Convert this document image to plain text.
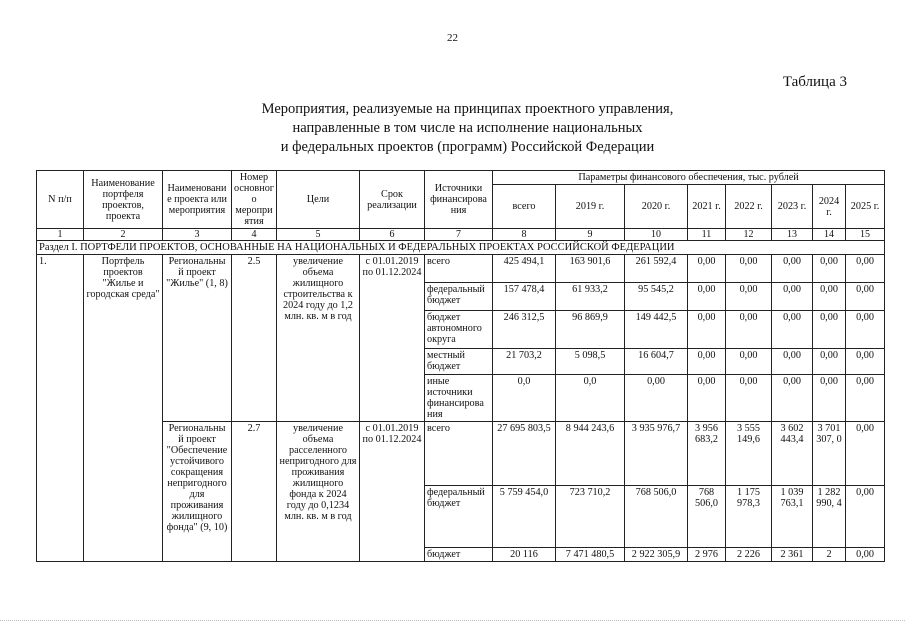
22
Таблица 3
Мероприятия, реализуемые на принципах проектного управления,
направленные в том числе на исполнение национальных
и федеральных проектов (программ) Российской Федерации
N п/п	Наименование портфеля проектов, проекта	Наименовани е проекта или мероприятия	Номер основног о меропри ятия	Цели	Срок реализации	Источники финансирова ния	Параметры финансового обеспечения, тыс. рублей							
							всего	2019 г.	2020 г.	2021 г.	2022 г.	2023 г.	2024 г.	2025 г.
1	2	3	4	5	6	7	8	9	10	11	12	13	14	15
Раздел I. ПОРТФЕЛИ ПРОЕКТОВ, ОСНОВАННЫЕ НА НАЦИОНАЛЬНЫХ И ФЕДЕРАЛЬНЫХ ПРОЕКТАХ РОССИЙСКОЙ ФЕДЕРАЦИИ														
1.	Портфель проектов "Жилье и городская среда"	Региональны й проект "Жилье" (1, 8)	2.5	увеличение объема жилищного строительства к 2024 году до 1,2 млн. кв. м в год	с 01.01.2019 по 01.12.2024	всего	425 494,1	163 901,6	261 592,4	0,00	0,00	0,00	0,00	0,00
						федеральный бюджет	157 478,4	61 933,2	95 545,2	0,00	0,00	0,00	0,00	0,00
						бюджет автономного округа	246 312,5	96 869,9	149 442,5	0,00	0,00	0,00	0,00	0,00
						местный бюджет	21 703,2	5 098,5	16 604,7	0,00	0,00	0,00	0,00	0,00
						иные источники финансирова ния	0,0	0,0	0,00	0,00	0,00	0,00	0,00	0,00
		Региональны й проект "Обеспечение устойчивого сокращения непригодного для проживания жилищного фонда" (9, 10)	2.7	увеличение объема расселенного непригодного для проживания жилищного фонда к 2024 году до 0,1234 млн. кв. м в год	с 01.01.2019 по 01.12.2024	всего	27 695 803,5	8 944 243,6	3 935 976,7	3 956 683,2	3 555 149,6	3 602 443,4	3 701 307, 0	0,00
						федеральный бюджет	5 759 454,0	723 710,2	768 506,0	768 506,0	1 175 978,3	1 039 763,1	1 282 990, 4	0,00
						бюджет	20 116	7 471 480,5	2 922 305,9	2 976	2 226	2 361	2	0,00
